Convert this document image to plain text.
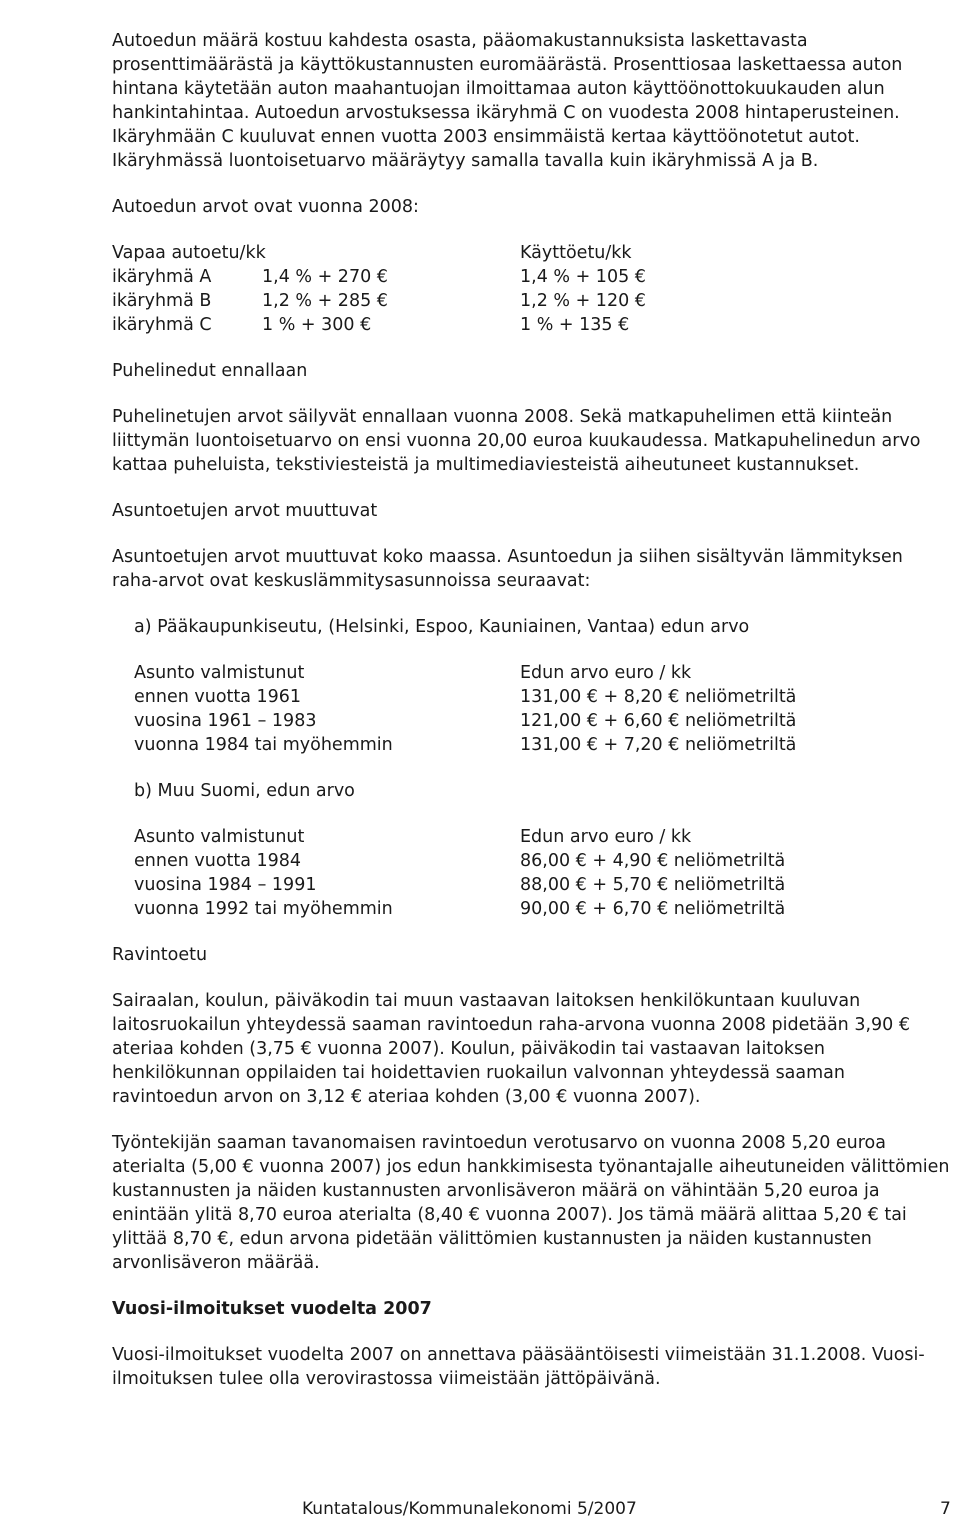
Autoedun määrä kostuu kahdesta osasta, pääomakustannuksista laskettavasta prosenttimäärästä ja käyttökustannusten euromäärästä. Prosenttiosaa laskettaessa auton hintana käytetään auton maahantuojan ilmoittamaa auton käyttöönottokuukauden alun hankintahintaa. Autoedun arvostuksessa ikäryhmä C on vuodesta 2008 hintaperusteinen. Ikäryhmään C kuuluvat ennen vuotta 2003 ensimmäistä kertaa käyttöönotetut autot. Ikäryhmässä luontoisetuarvo määräytyy samalla tavalla kuin ikäryhmissä A ja B.

Autoedun arvot ovat vuonna 2008:

Vapaa autoetu/kk	Käyttöetu/kk
ikäryhmä A	1,4 % + 270 €	1,4 % + 105 €
ikäryhmä B	1,2 % + 285 €	1,2 % + 120 €
ikäryhmä C	1 % + 300 €	1 % + 135 €

Puhelinedut ennallaan

Puhelinetujen arvot säilyvät ennallaan vuonna 2008. Sekä matkapuhelimen että kiinteän liittymän luontoisetuarvo on ensi vuonna 20,00 euroa kuukaudessa. Matkapuhelinedun arvo kattaa puheluista, tekstiviesteistä ja multimediaviesteistä aiheutuneet kustannukset.

Asuntoetujen arvot muuttuvat

Asuntoetujen arvot muuttuvat koko maassa. Asuntoedun ja siihen sisältyvän lämmityksen raha-arvot ovat keskuslämmitysasunnoissa seuraavat:

a) Pääkaupunkiseutu, (Helsinki, Espoo, Kauniainen, Vantaa) edun arvo

Asunto valmistunut	Edun arvo euro / kk
ennen vuotta 1961	131,00 € + 8,20 € neliömetriltä
vuosina 1961 – 1983	121,00 € + 6,60 € neliömetriltä
vuonna 1984 tai myöhemmin	131,00 € + 7,20 € neliömetriltä

b) Muu Suomi, edun arvo

Asunto valmistunut	Edun arvo euro / kk
ennen vuotta 1984	86,00 € + 4,90 € neliömetriltä
vuosina 1984 – 1991	88,00 € + 5,70 € neliömetriltä
vuonna 1992 tai myöhemmin	90,00 € + 6,70 € neliömetriltä

Ravintoetu

Sairaalan, koulun, päiväkodin tai muun vastaavan laitoksen henkilökuntaan kuuluvan laitosruokailun yhteydessä saaman ravintoedun raha-arvona vuonna 2008 pidetään 3,90 € ateriaa kohden (3,75 € vuonna 2007). Koulun, päiväkodin tai vastaavan laitoksen henkilökunnan oppilaiden tai hoidettavien ruokailun valvonnan yhteydessä saaman ravintoedun arvon on 3,12 € ateriaa kohden (3,00 € vuonna 2007).

Työntekijän saaman tavanomaisen ravintoedun verotusarvo on vuonna 2008 5,20 euroa aterialta (5,00 € vuonna 2007) jos edun hankkimisesta työnantajalle aiheutuneiden välittömien kustannusten ja näiden kustannusten arvonlisäveron määrä on vähintään 5,20 euroa ja enintään ylitä 8,70 euroa aterialta (8,40 € vuonna 2007). Jos tämä määrä alittaa 5,20 € tai ylittää 8,70 €, edun arvona pidetään välittömien kustannusten ja näiden kustannusten arvonlisäveron määrää.

Vuosi-ilmoitukset vuodelta 2007

Vuosi-ilmoitukset vuodelta 2007 on annettava pääsääntöisesti viimeistään 31.1.2008. Vuosi-ilmoituksen tulee olla verovirastossa viimeistään jättöpäivänä.

Kuntatalous/Kommunalekonomi 5/2007	7
